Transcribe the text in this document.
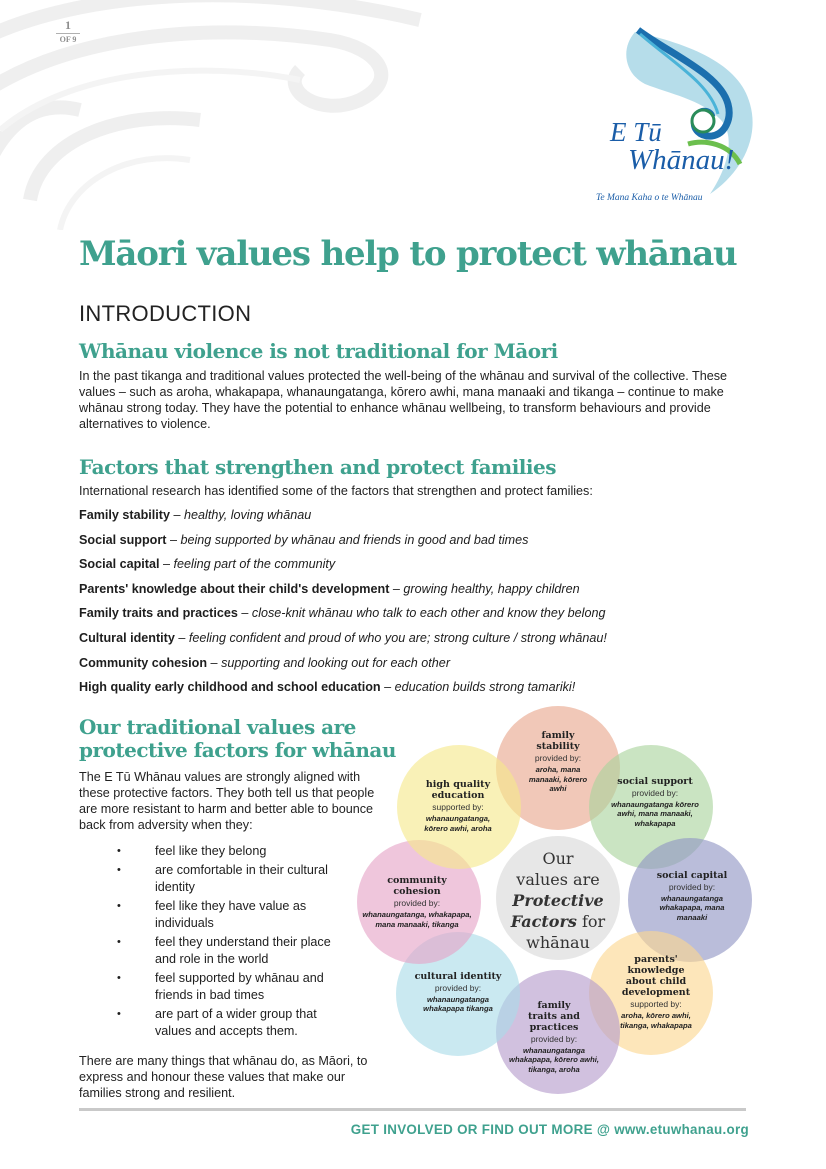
1
OF 9
E Tū
Whānau!
Te Mana Kaha o te Whānau
Māori values help to protect whānau
INTRODUCTION
Whānau violence is not traditional for Māori

In the past tikanga and traditional values protected the well-being of the whānau and survival of the collective. These values – such as aroha, whakapapa, whanaungatanga, kōrero awhi, mana manaaki and tikanga – continue to make whānau strong today. They have the potential to enhance whānau wellbeing, to transform behaviours and provide alternatives to violence.

Factors that strengthen and protect families

International research has identified some of the factors that strengthen and protect families:

Family stability – healthy, loving whānau
Social support – being supported by whānau and friends in good and bad times
Social capital – feeling part of the community
Parents' knowledge about their child's development – growing healthy, happy children
Family traits and practices – close-knit whānau who talk to each other and know they belong
Cultural identity – feeling confident and proud of who you are; strong culture / strong whānau!
Community cohesion – supporting and looking out for each other
High quality early childhood and school education – education builds strong tamariki!
Our traditional values are protective factors for whānau

The E Tū Whānau values are strongly aligned with these protective factors. They both tell us that people are more resistant to harm and better able to bounce back from adversity when they:

• feel like they belong
• are comfortable in their cultural identity
• feel like they have value as individuals
• feel they understand their place and role in the world
• feel supported by whānau and friends in bad times
• are part of a wider group that values and accepts them.

There are many things that whānau do, as Māori, to express and honour these values that make our families strong and resilient.

family stability
provided by:
aroha, mana manaaki, kōrero awhi
social support
provided by:
whanaungatanga kōrero awhi, mana manaaki, whakapapa
social capital
provided by:
whanaungatanga whakapapa, mana manaaki
parents' knowledge about child development
supported by:
aroha, kōrero awhi, tikanga, whakapapa
family traits and practices
provided by:
whanaungatanga whakapapa, kōrero awhi, tikanga, aroha
cultural identity
provided by:
whanaungatanga whakapapa tikanga
community cohesion
provided by:
whanaungatanga, whakapapa, mana manaaki, tikanga
high quality education
supported by:
whanaungatanga, kōrero awhi, aroha
Our
values are
Protective
Factors for
whānau
GET INVOLVED OR FIND OUT MORE @ www.etuwhanau.org
